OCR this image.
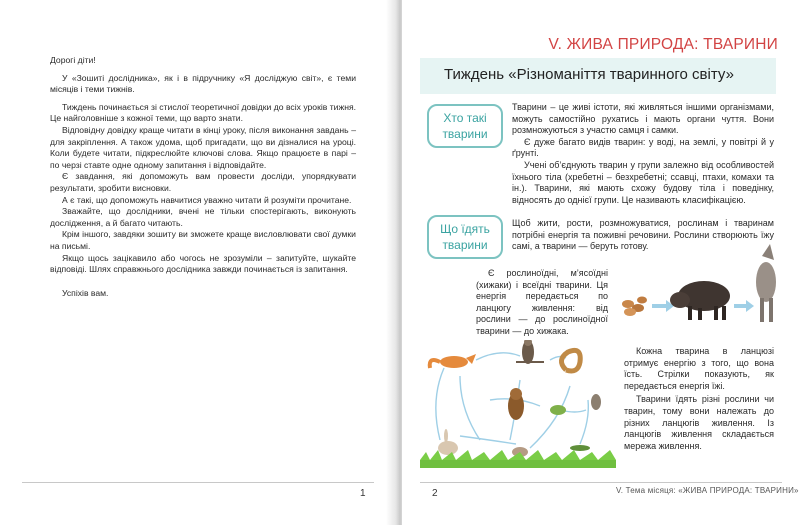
Дорогі діти!

У «Зошиті дослідника», як і в підручнику «Я досліджую світ», є теми місяців і теми тижнів.

Тиждень починається зі стислої теоретичної довідки до всіх уроків тижня. Це найголовніше з кожної теми, що варто знати.

Відповідну довідку краще читати в кінці уроку, після виконання завдань – для закріплення. А також удома, щоб пригадати, що ви дізналися на уроці. Коли будете читати, підкреслюйте ключові слова. Якщо працюєте в парі – по черзі ставте одне одному запитання і відповідайте.

Є завдання, які допоможуть вам провести досліди, упорядкувати результати, зробити висновки.

А є такі, що допоможуть навчитися уважно читати й розуміти прочитане.

Зважайте, що дослідники, вчені не тільки спостерігають, виконують дослідження, а й багато читають.

Крім іншого, завдяки зошиту ви зможете краще висловлювати свої думки на письмі.

Якщо щось зацікавило або чогось не зрозуміли – запитуйте, шукайте відповіді. Шлях справжнього дослідника завжди починається із запитання.

Успіхів вам.

1
V. ЖИВА ПРИРОДА: ТВАРИНИ
Тиждень «Різноманіття тваринного світу»
Хто такі тварини

Тварини – це живі істоти, які живляться іншими організмами, можуть самостійно рухатись і мають органи чуття. Вони розмножуються з участю самця і самки.

Є дуже багато видів тварин: у воді, на землі, у повітрі й у ґрунті.

Учені об’єднують тварин у групи залежно від особливостей їхнього тіла (хребетні – безхребетні; ссавці, птахи, комахи та ін.). Тварини, які мають схожу будову тіла і поведінку, відносять до однієї групи. Це називають класифікацією.

Що їдять тварини

Щоб жити, рости, розмножуватися, рослинам і тваринам потрібні енергія та поживні речовини. Рослини створюють їжу самі, а тварини — беруть готову.

Є рослиноїдні, м’ясоїдні (хижаки) і всеїдні тварини. Ця енергія передається по ланцюгу живлення: від рослини — до рослиноїдної тварини — до хижака.

Кожна тварина в ланцюзі отримує енергію з того, що вона їсть. Стрілки показують, як передається енергія їжі.

Тварини їдять різні рослини чи тварин, тому вони належать до різних ланцюгів живлення. Із ланцюгів живлення складається мережа живлення.

2	V. Тема місяця: «ЖИВА ПРИРОДА: ТВАРИНИ»
